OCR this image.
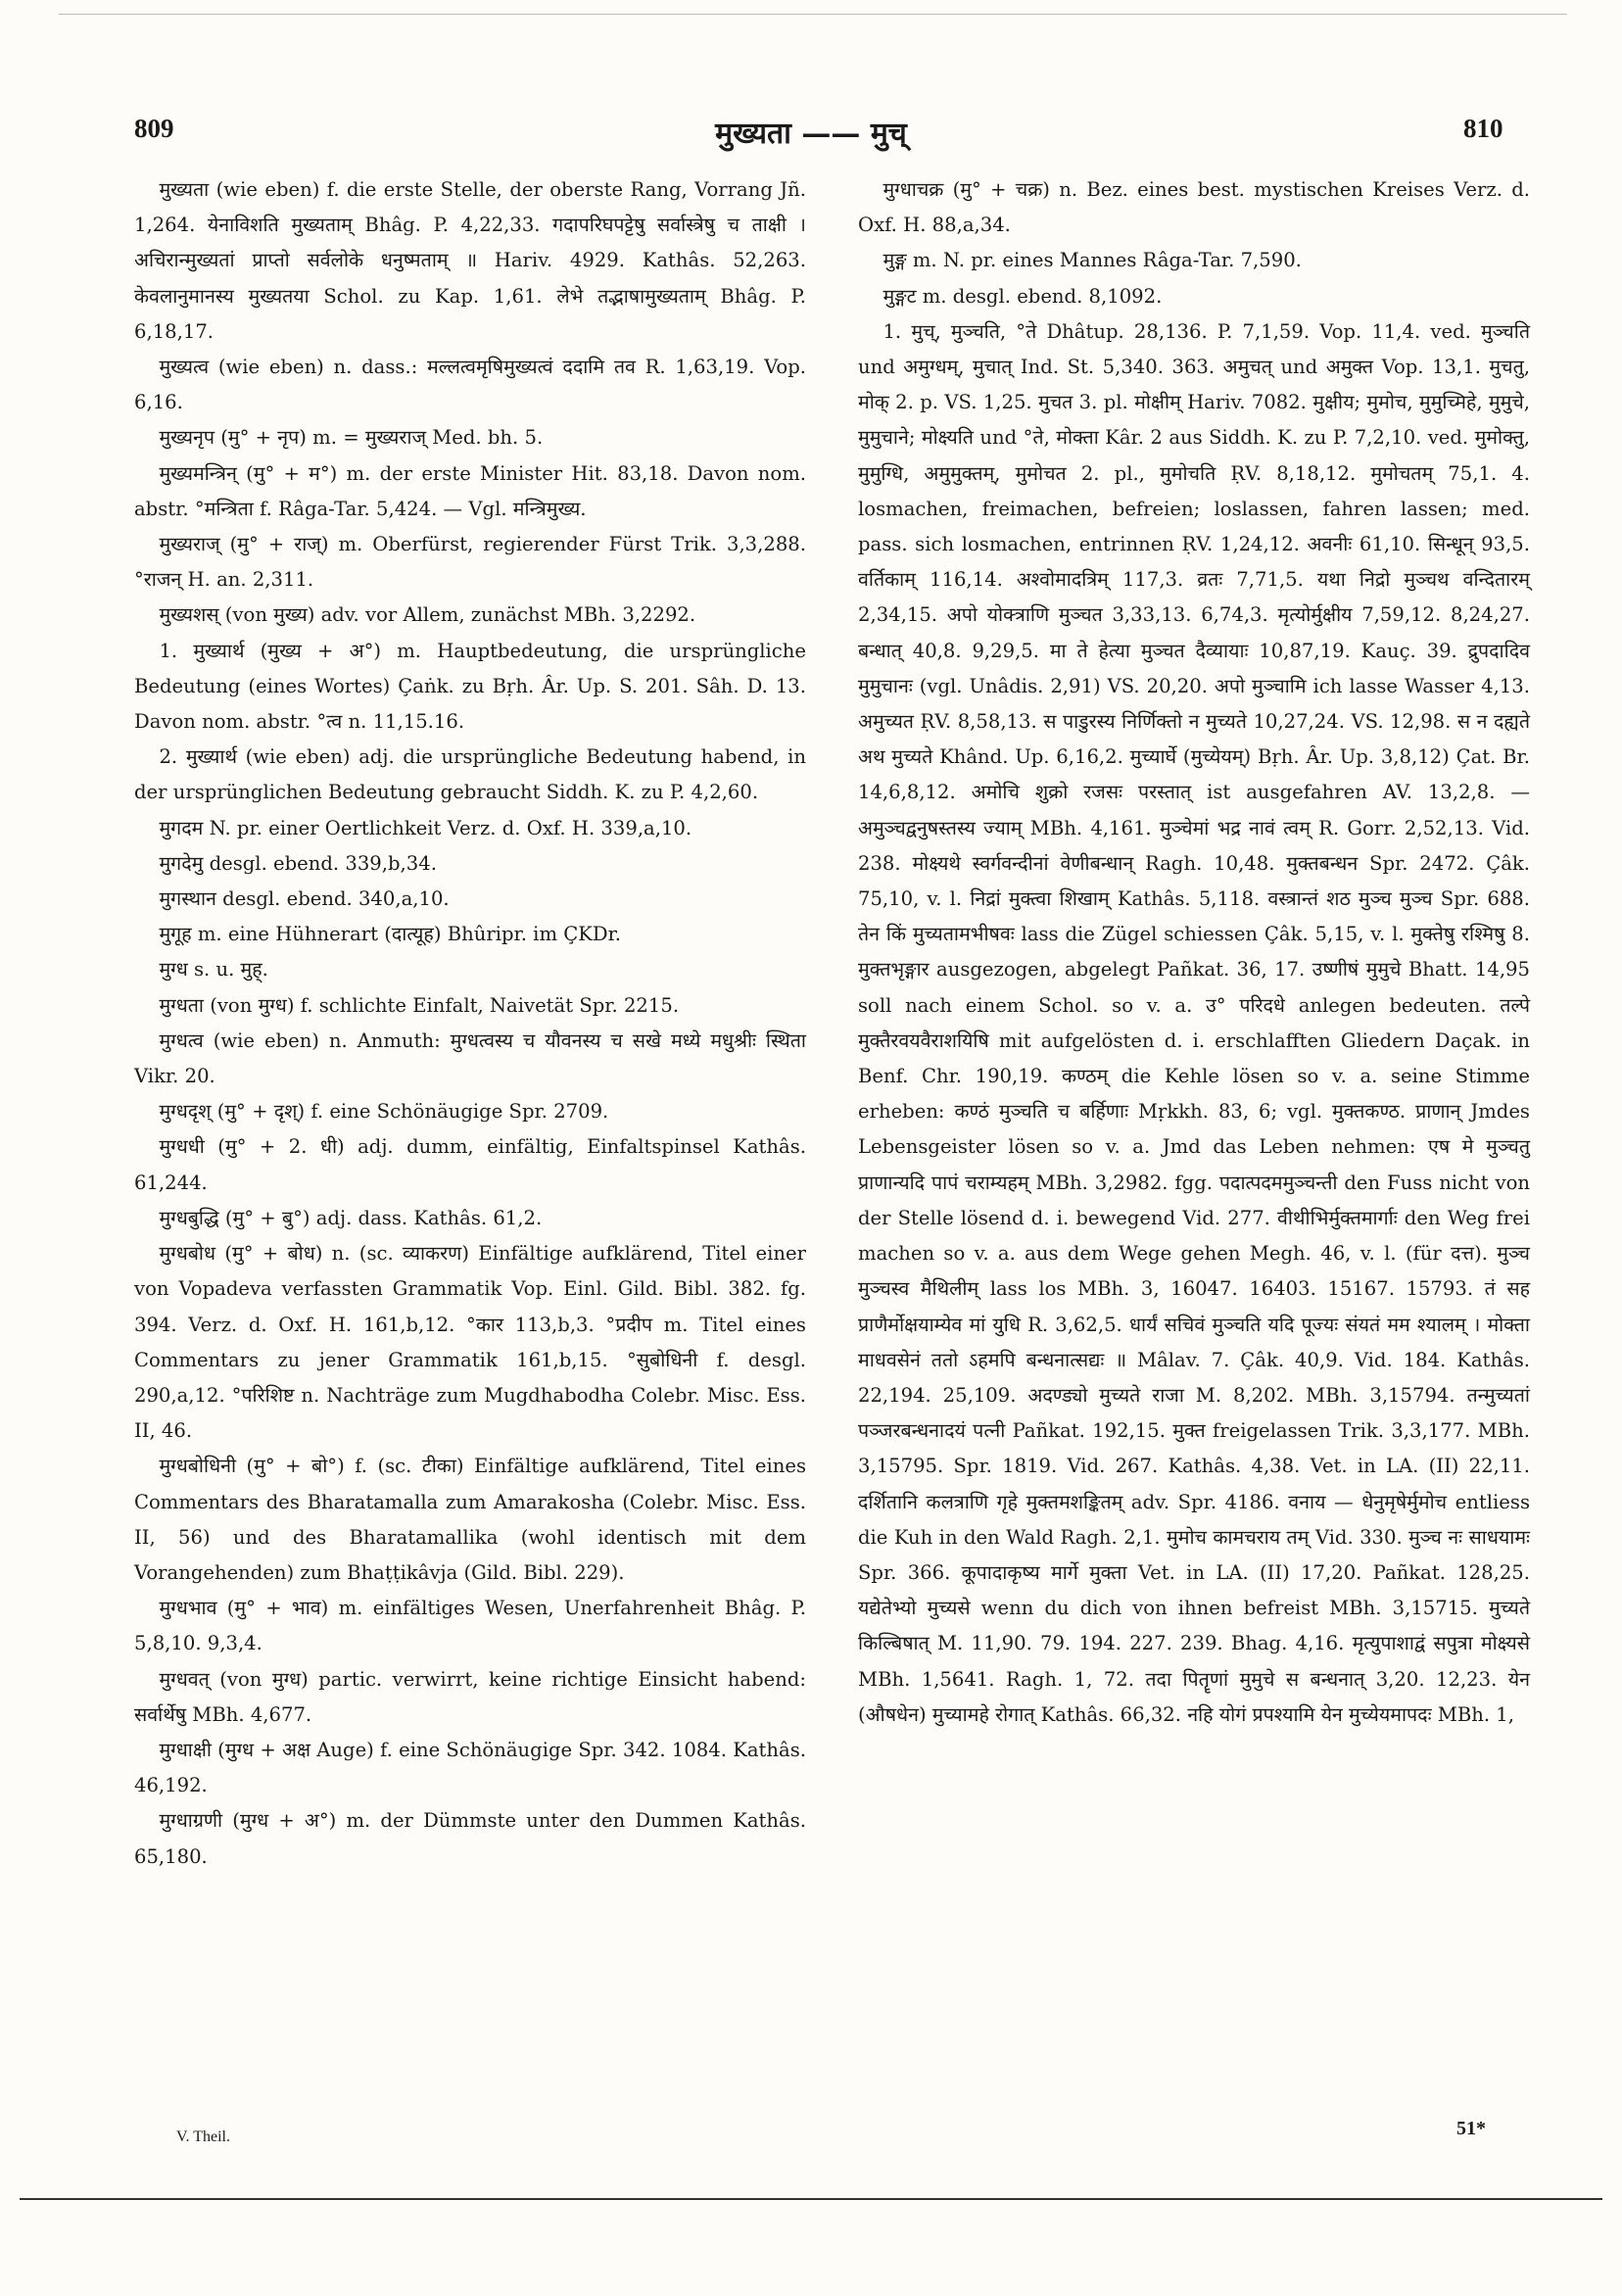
809	मुख्यता —— मुच्	810

मुख्यता (wie eben) f. die erste Stelle, der oberste Rang, Vorrang Jñ. 1,264. येनाविशति मुख्यताम् Bhâg. P. 4,22,33. गदापरिघपट्टेषु सर्वास्त्रेषु च ताक्षी । अचिरान्मुख्यतां प्राप्तो सर्वलोके धनुष्मताम् ॥ Hariv. 4929. Kathâs. 52,263. केवलानुमानस्य मुख्यतया Schol. zu Kap. 1,61. लेभे तद्भाषामुख्यताम् Bhâg. P. 6,18,17.

मुख्यत्व (wie eben) n. dass.: मल्लत्वमृषिमुख्यत्वं ददामि तव R. 1,63,19. Vop. 6,16.

मुख्यनृप (मु° + नृप) m. = मुख्यराज् Med. bh. 5.

मुख्यमन्त्रिन् (मु° + म°) m. der erste Minister Hit. 83,18. Davon nom. abstr. °मन्त्रिता f. Râga-Tar. 5,424. — Vgl. मन्त्रिमुख्य.

मुख्यराज् (मु° + राज्) m. Oberfürst, regierender Fürst Trik. 3,3,288. °राजन् H. an. 2,311.

मुख्यशस् (von मुख्य) adv. vor Allem, zunächst MBh. 3,2292.

1. मुख्यार्थ (मुख्य + अ°) m. Hauptbedeutung, die ursprüngliche Bedeutung (eines Wortes) Çaṅk. zu Bṛh. Âr. Up. S. 201. Sâh. D. 13. Davon nom. abstr. °त्व n. 11,15.16.

2. मुख्यार्थ (wie eben) adj. die ursprüngliche Bedeutung habend, in der ursprünglichen Bedeutung gebraucht Siddh. K. zu P. 4,2,60.

मुगदम N. pr. einer Oertlichkeit Verz. d. Oxf. H. 339,a,10.

मुगदेमु desgl. ebend. 339,b,34.

मुगस्थान desgl. ebend. 340,a,10.

मुगूह m. eine Hühnerart (दात्यूह) Bhûripr. im ÇKDr.

मुग्ध s. u. मुह्.

मुग्धता (von मुग्ध) f. schlichte Einfalt, Naivetät Spr. 2215.

मुग्धत्व (wie eben) n. Anmuth: मुग्धत्वस्य च यौवनस्य च सखे मध्ये मधुश्रीः स्थिता Vikr. 20.

मुग्धदृश् (मु° + दृश्) f. eine Schönäugige Spr. 2709.

मुग्धधी (मु° + 2. धी) adj. dumm, einfältig, Einfaltspinsel Kathâs. 61,244.

मुग्धबुद्धि (मु° + बु°) adj. dass. Kathâs. 61,2.

मुग्धबोध (मु° + बोध) n. (sc. व्याकरण) Einfältige aufklärend, Titel einer von Vopadeva verfassten Grammatik Vop. Einl. Gild. Bibl. 382. fg. 394. Verz. d. Oxf. H. 161,b,12. °कार 113,b,3. °प्रदीप m. Titel eines Commentars zu jener Grammatik 161,b,15. °सुबोधिनी f. desgl. 290,a,12. °परिशिष्ट n. Nachträge zum Mugdhabodha Colebr. Misc. Ess. II, 46.

मुग्धबोधिनी (मु° + बो°) f. (sc. टीका) Einfältige aufklärend, Titel eines Commentars des Bharatamalla zum Amarakosha (Colebr. Misc. Ess. II, 56) und des Bharatamallika (wohl identisch mit dem Vorangehenden) zum Bhaṭṭikâvja (Gild. Bibl. 229).

मुग्धभाव (मु° + भाव) m. einfältiges Wesen, Unerfahrenheit Bhâg. P. 5,8,10. 9,3,4.

मुग्धवत् (von मुग्ध) partic. verwirrt, keine richtige Einsicht habend: सर्वार्थेषु MBh. 4,677.

मुग्धाक्षी (मुग्ध + अक्ष Auge) f. eine Schönäugige Spr. 342. 1084. Kathâs. 46,192.

मुग्धाग्रणी (मुग्ध + अ°) m. der Dümmste unter den Dummen Kathâs. 65,180.

मुग्धाचक्र (मु° + चक्र) n. Bez. eines best. mystischen Kreises Verz. d. Oxf. H. 88,a,34.

मुङ्ग m. N. pr. eines Mannes Râga-Tar. 7,590.

मुङ्गट m. desgl. ebend. 8,1092.

1. मुच्, मुञ्चति, °ते Dhâtup. 28,136. P. 7,1,59. Vop. 11,4. ved. मुञ्चति und अमुग्धम्, मुचात् Ind. St. 5,340. 363. अमुचत् und अमुक्त Vop. 13,1. मुचतु, मोक् 2. p. VS. 1,25. मुचत 3. pl. मोक्षीम् Hariv. 7082. मुक्षीय; मुमोच, मुमुच्मिहे, मुमुचे, मुमुचाने; मोक्ष्यति und °ते, मोक्ता Kâr. 2 aus Siddh. K. zu P. 7,2,10. ved. मुमोक्तु, मुमुग्धि, अमुमुक्तम्, मुमोचत 2. pl., मुमोचति ṚV. 8,18,12. मुमोचतम् 75,1. 4. losmachen, freimachen, befreien; loslassen, fahren lassen; med. pass. sich losmachen, entrinnen ṚV. 1,24,12. अवनीः 61,10. सिन्धून् 93,5. वर्तिकाम् 116,14. अश्वोमादत्रिम् 117,3. व्रतः 7,71,5. यथा निद्रो मुञ्चथ वन्दितारम् 2,34,15. अपो योक्त्राणि मुञ्चत 3,33,13. 6,74,3. मृत्योर्मुक्षीय 7,59,12. 8,24,27. बन्धात् 40,8. 9,29,5. मा ते हेत्या मुञ्चत दैव्यायाः 10,87,19. Kauç. 39. द्रुपदादिव मुमुचानः (vgl. Unâdis. 2,91) VS. 20,20. अपो मुञ्चामि ich lasse Wasser 4,13. अमुच्यत ṚV. 8,58,13. स पाडुरस्य निर्णिक्तो न मुच्यते 10,27,24. VS. 12,98. स न दह्यते अथ मुच्यते Khând. Up. 6,16,2. मुच्यार्घे (मुच्येयम्) Bṛh. Âr. Up. 3,8,12) Çat. Br. 14,6,8,12. अमोचि शुक्रो रजसः परस्तात् ist ausgefahren AV. 13,2,8. — अमुञ्चद्वनुषस्तस्य ज्याम् MBh. 4,161. मुञ्चेमां भद्र नावं त्वम् R. Gorr. 2,52,13. Vid. 238. मोक्ष्यथे स्वर्गवन्दीनां वेणीबन्धान् Ragh. 10,48. मुक्तबन्धन Spr. 2472. Çâk. 75,10, v. l. निद्रां मुक्त्वा शिखाम् Kathâs. 5,118. वस्त्रान्तं शठ मुञ्च मुञ्च Spr. 688. तेन किं मुच्यतामभीषवः lass die Zügel schiessen Çâk. 5,15, v. l. मुक्तेषु रश्मिषु 8. मुक्तभृङ्गार ausgezogen, abgelegt Pañkat. 36, 17. उष्णीषं मुमुचे Bhatt. 14,95 soll nach einem Schol. so v. a. उ° परिदधे anlegen bedeuten. तल्पे मुक्तैरवयवैराशयिषि mit aufgelösten d. i. erschlafften Gliedern Daçak. in Benf. Chr. 190,19. कण्ठम् die Kehle lösen so v. a. seine Stimme erheben: कण्ठं मुञ्चति च बर्हिणाः Mṛkkh. 83, 6; vgl. मुक्तकण्ठ. प्राणान् Jmdes Lebensgeister lösen so v. a. Jmd das Leben nehmen: एष मे मुञ्चतु प्राणान्यदि पापं चराम्यहम् MBh. 3,2982. fgg. पदात्पदममुञ्चन्ती den Fuss nicht von der Stelle lösend d. i. bewegend Vid. 277. वीथीभिर्मुक्तमार्गाः den Weg frei machen so v. a. aus dem Wege gehen Megh. 46, v. l. (für दत्त). मुञ्च मुञ्चस्व मैथिलीम् lass los MBh. 3, 16047. 16403. 15167. 15793. तं सह प्राणैर्मोक्षयाम्येव मां युधि R. 3,62,5. धार्यं सचिवं मुञ्चति यदि पूज्यः संयतं मम श्यालम् । मोक्ता माधवसेनं ततो ऽहमपि बन्धनात्सद्यः ॥ Mâlav. 7. Çâk. 40,9. Vid. 184. Kathâs. 22,194. 25,109. अदण्ड्यो मुच्यते राजा M. 8,202. MBh. 3,15794. तन्मुच्यतां पञ्जरबन्धनादयं पत्नी Pañkat. 192,15. मुक्त freigelassen Trik. 3,3,177. MBh. 3,15795. Spr. 1819. Vid. 267. Kathâs. 4,38. Vet. in LA. (II) 22,11. दर्शितानि कलत्राणि गृहे मुक्तमशङ्कितम् adv. Spr. 4186. वनाय — धेनुमृषेर्मुमोच entliess die Kuh in den Wald Ragh. 2,1. मुमोच कामचराय तम् Vid. 330. मुञ्च नः साधयामः Spr. 366. कूपादाकृष्य मार्गे मुक्ता Vet. in LA. (II) 17,20. Pañkat. 128,25. यद्येतेभ्यो मुच्यसे wenn du dich von ihnen befreist MBh. 3,15715. मुच्यते किल्बिषात् M. 11,90. 79. 194. 227. 239. Bhag. 4,16. मृत्युपाशाद्वं सपुत्रा मोक्ष्यसे MBh. 1,5641. Ragh. 1, 72. तदा पितॄणां मुमुचे स बन्धनात् 3,20. 12,23. येन (औषधेन) मुच्यामहे रोगात् Kathâs. 66,32. नहि योगं प्रपश्यामि येन मुच्येयमापदः MBh. 1,

V. Theil.	51*
